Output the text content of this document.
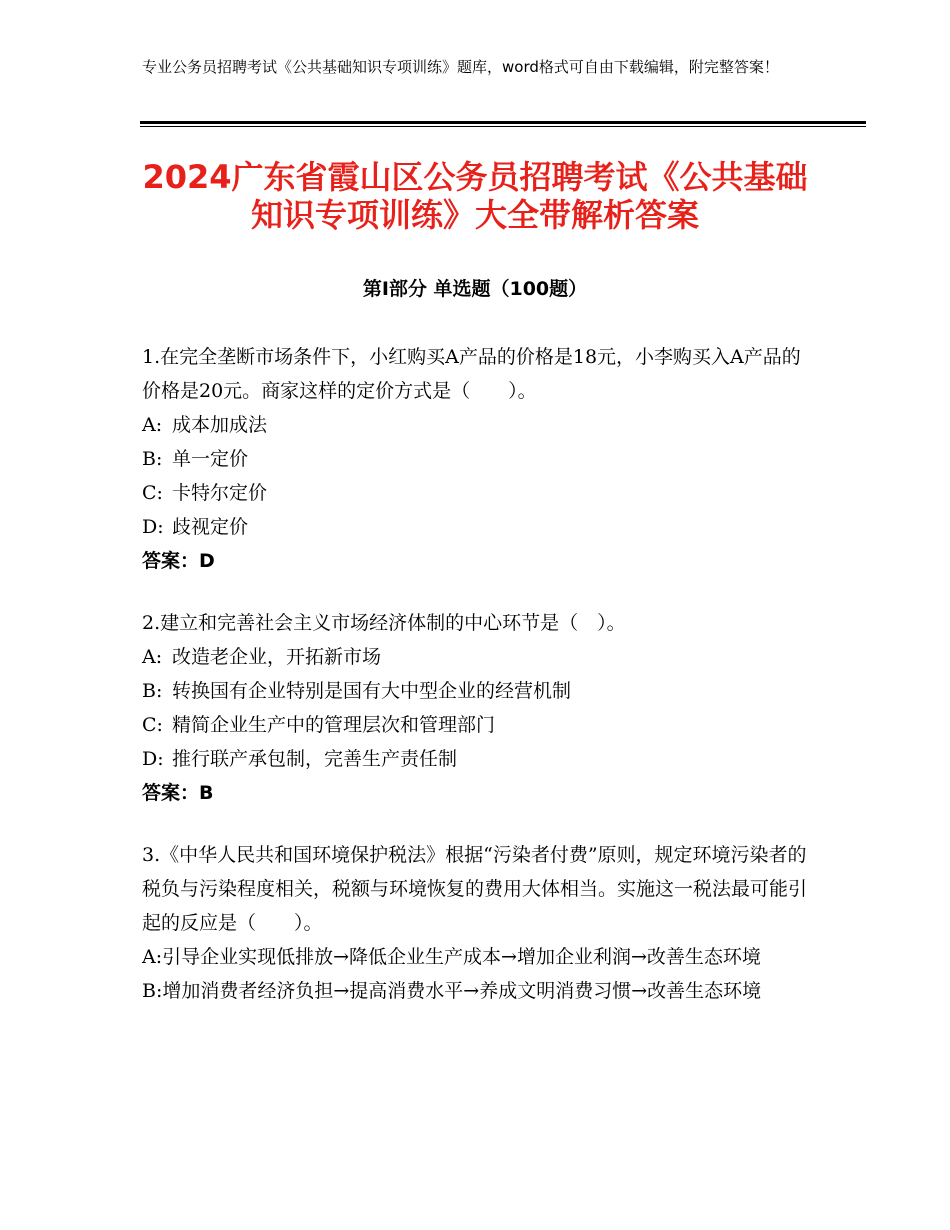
专业公务员招聘考试《公共基础知识专项训练》题库，word格式可自由下载编辑，附完整答案！
2024广东省霞山区公务员招聘考试《公共基础知识专项训练》大全带解析答案
第Ⅰ部分 单选题（100题）

1.在完全垄断市场条件下，小红购买A产品的价格是18元，小李购买入A产品的价格是20元。商家这样的定价方式是（　　）。

A: 成本加成法

B: 单一定价

C: 卡特尔定价

D: 歧视定价

答案：D

2.建立和完善社会主义市场经济体制的中心环节是（　）。

A: 改造老企业，开拓新市场

B: 转换国有企业特别是国有大中型企业的经营机制

C: 精简企业生产中的管理层次和管理部门

D: 推行联产承包制，完善生产责任制

答案：B

3.《中华人民共和国环境保护税法》根据“污染者付费”原则，规定环境污染者的税负与污染程度相关，税额与环境恢复的费用大体相当。实施这一税法最可能引起的反应是（　　）。

A:引导企业实现低排放→降低企业生产成本→增加企业利润→改善生态环境

B:增加消费者经济负担→提高消费水平→养成文明消费习惯→改善生态环境
